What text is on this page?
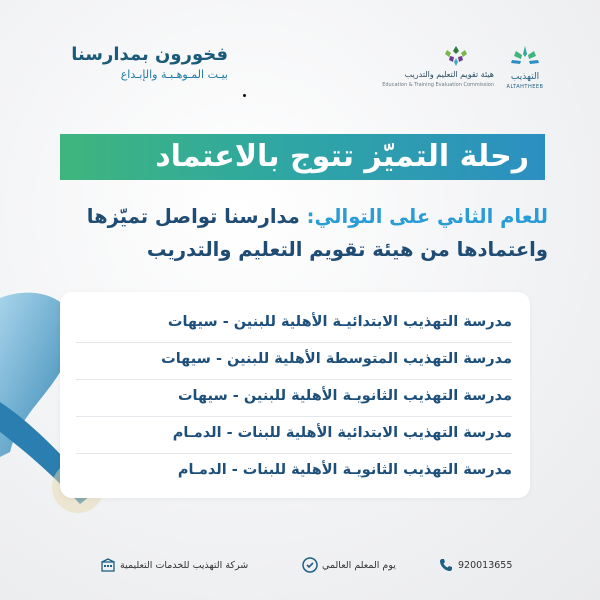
فخورون بمدارسنا
بيـت المـوهـبـة والإبـداع	هيئة تقويم التعليم والتدريب
Education & Training Evaluation Commission
التهذيب
ALTAHTHEEB
رحلة التميّز تتوج بالاعتماد
للعام الثاني على التوالي: مدارسنا تواصل تميّزها
واعتمادها من هيئة تقويم التعليم والتدريب
مدرسة التهذيب الابتدائيـة الأهلية للبنين - سيهات
مدرسة التهذيب المتوسطة الأهلية للبنين - سيهات
مدرسة التهذيب الثانويـة الأهلية للبنين - سيهات
مدرسة التهذيب الابتدائية الأهلية للبنات - الدمـام
مدرسة التهذيب الثانويـة الأهلية للبنات - الدمـام
920013655
يوم المعلم العالمي
شركة التهذيب للخدمات التعليمية
